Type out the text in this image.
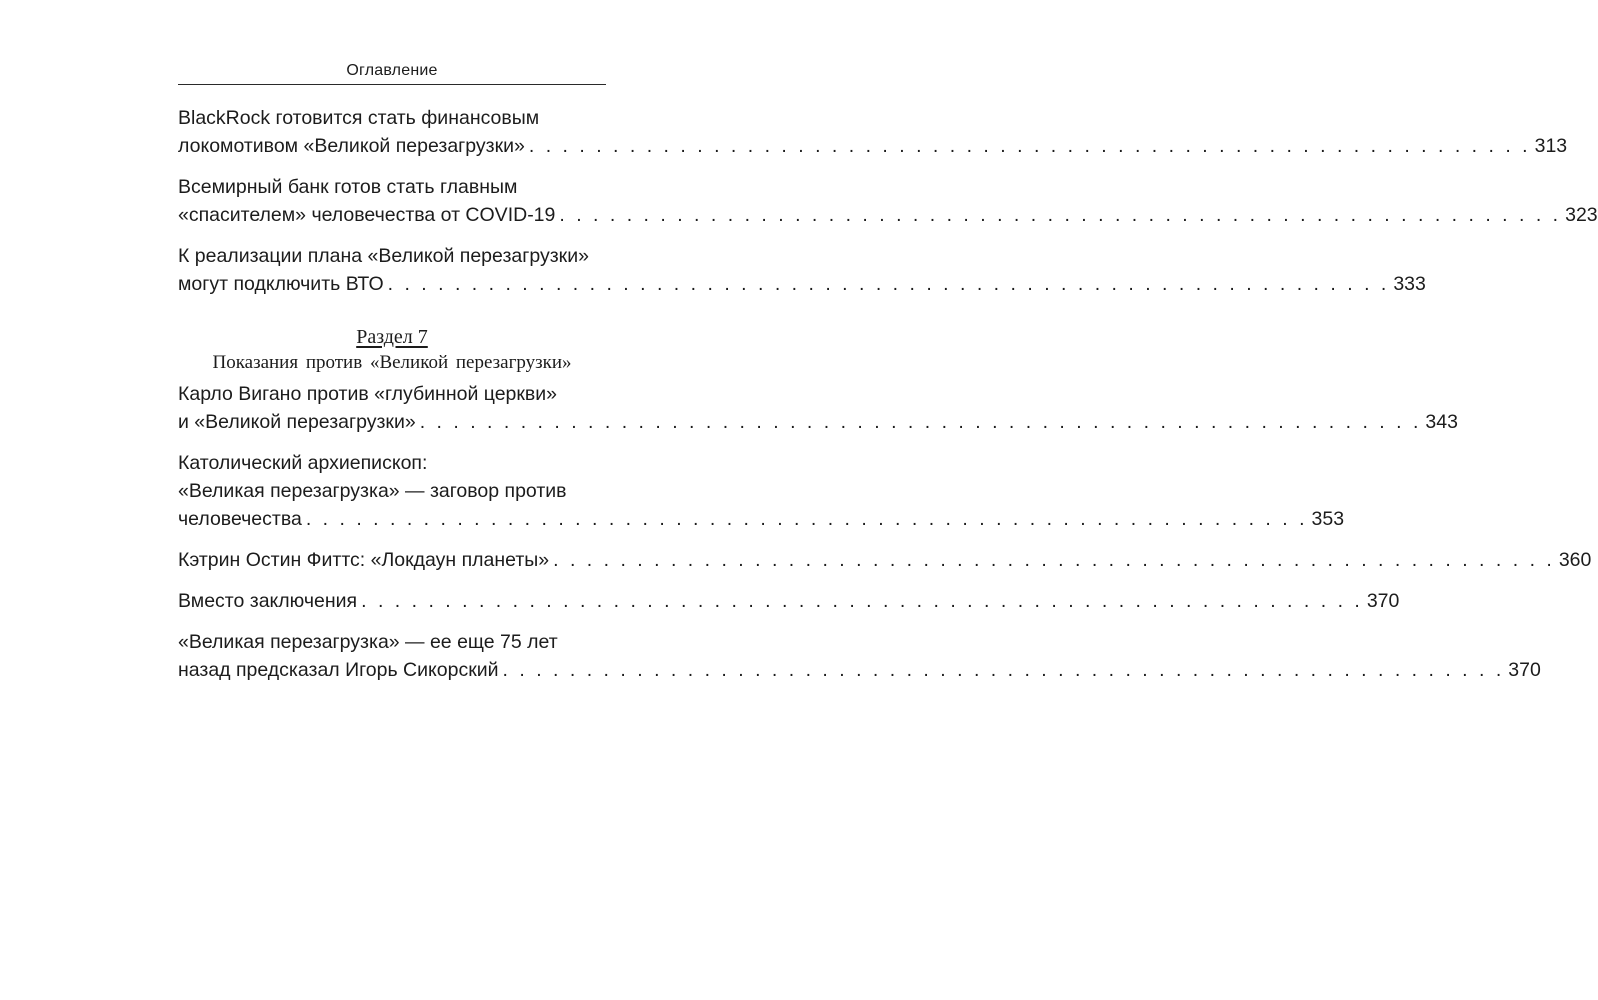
Оглавление
BlackRock готовится стать финансовым
локомотивом «Великой перезагрузки» . . . . . . . . . . . . . . . . . . . . . . . . . . . . . . . . . . . . . . . . . . . . . . . . . . . . . . . . . . . . 313
Всемирный банк готов стать главным
«спасителем» человечества от COVID-19 . . . . . . . . . . . . . . . . . . . . . . . . . . . . . . . . . . . . . . . . . . . . . . . . . . . . . . . . . . . . 323
К реализации плана «Великой перезагрузки»
могут подключить ВТО . . . . . . . . . . . . . . . . . . . . . . . . . . . . . . . . . . . . . . . . . . . . . . . . . . . . . . . . . . . . 333
Раздел 7
Показания против «Великой перезагрузки»
Карло Вигано против «глубинной церкви»
и «Великой перезагрузки» . . . . . . . . . . . . . . . . . . . . . . . . . . . . . . . . . . . . . . . . . . . . . . . . . . . . . . . . . . . . 343
Католический архиепископ:
«Великая перезагрузка» — заговор против
человечества . . . . . . . . . . . . . . . . . . . . . . . . . . . . . . . . . . . . . . . . . . . . . . . . . . . . . . . . . . . . 353
Кэтрин Остин Фиттс: «Локдаун планеты» . . . . . . . . . . . . . . . . . . . . . . . . . . . . . . . . . . . . . . . . . . . . . . . . . . . . . . . . . . . . 360
Вместо заключения . . . . . . . . . . . . . . . . . . . . . . . . . . . . . . . . . . . . . . . . . . . . . . . . . . . . . . . . . . . . 370
«Великая перезагрузка» — ее еще 75 лет
назад предсказал Игорь Сикорский . . . . . . . . . . . . . . . . . . . . . . . . . . . . . . . . . . . . . . . . . . . . . . . . . . . . . . . . . . . . 370
